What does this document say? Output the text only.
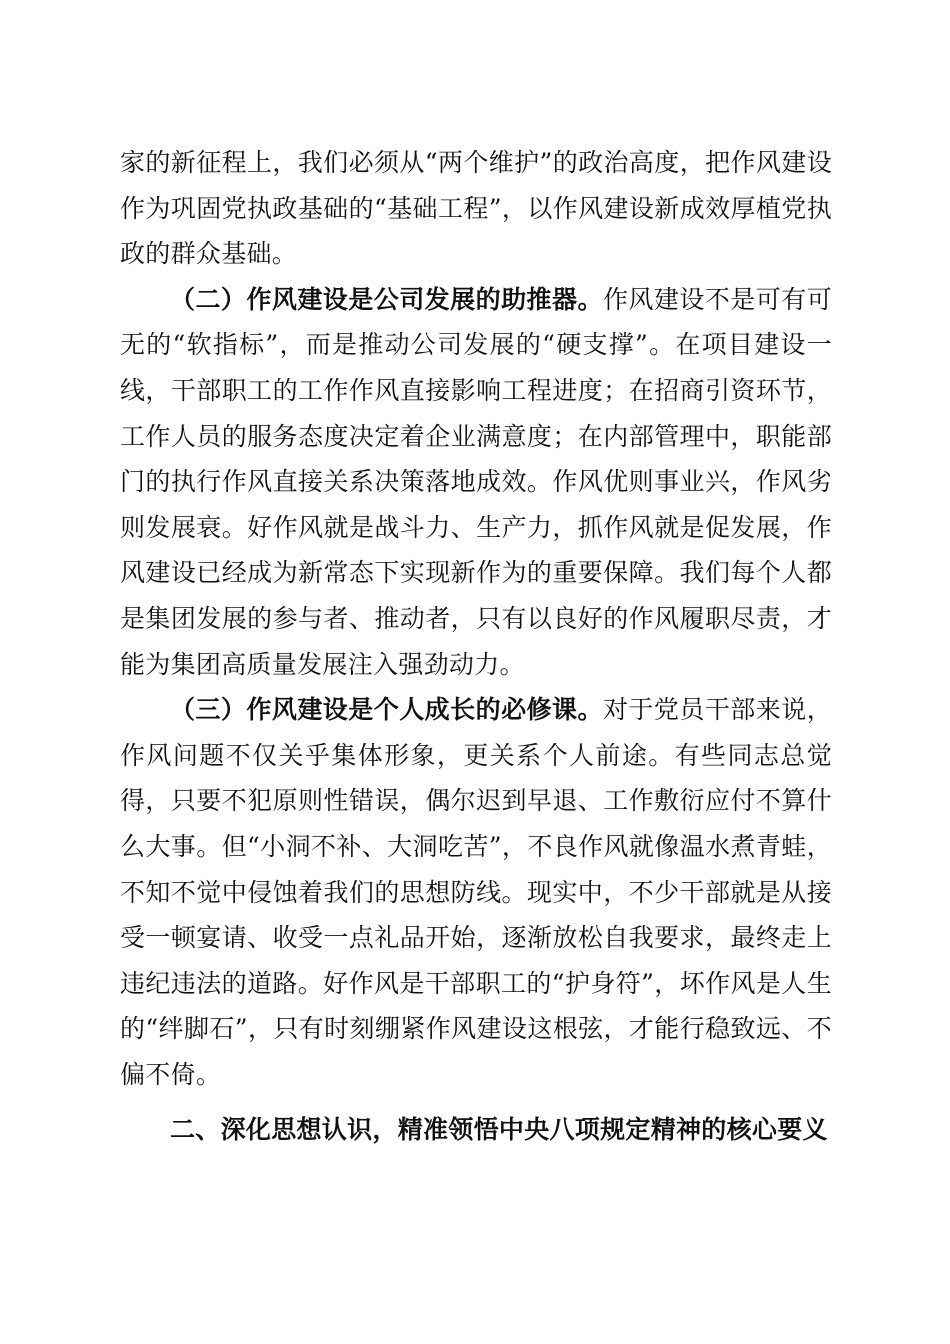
家的新征程上，我们必须从“两个维护”的政治高度，把作风建设作为巩固党执政基础的“基础工程”，以作风建设新成效厚植党执政的群众基础。

（二）作风建设是公司发展的助推器。作风建设不是可有可无的“软指标”，而是推动公司发展的“硬支撑”。在项目建设一线，干部职工的工作作风直接影响工程进度；在招商引资环节，工作人员的服务态度决定着企业满意度；在内部管理中，职能部门的执行作风直接关系决策落地成效。作风优则事业兴，作风劣则发展衰。好作风就是战斗力、生产力，抓作风就是促发展，作风建设已经成为新常态下实现新作为的重要保障。我们每个人都是集团发展的参与者、推动者，只有以良好的作风履职尽责，才能为集团高质量发展注入强劲动力。

（三）作风建设是个人成长的必修课。对于党员干部来说，作风问题不仅关乎集体形象，更关系个人前途。有些同志总觉得，只要不犯原则性错误，偶尔迟到早退、工作敷衍应付不算什么大事。但“小洞不补、大洞吃苦”，不良作风就像温水煮青蛙，不知不觉中侵蚀着我们的思想防线。现实中，不少干部就是从接受一顿宴请、收受一点礼品开始，逐渐放松自我要求，最终走上违纪违法的道路。好作风是干部职工的“护身符”，坏作风是人生的“绊脚石”，只有时刻绷紧作风建设这根弦，才能行稳致远、不偏不倚。

二、深化思想认识，精准领悟中央八项规定精神的核心要义
